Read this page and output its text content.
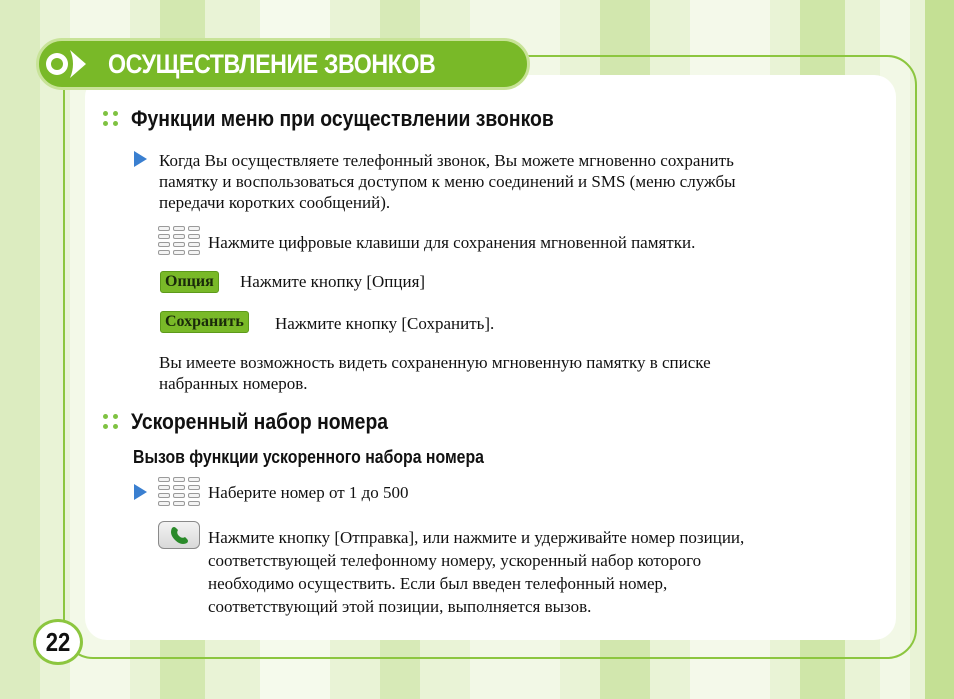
ОСУЩЕСТВЛЕНИЕ ЗВОНКОВ
Функции меню при осуществлении звонков
Когда Вы осуществляете телефонный звонок, Вы можете мгновенно сохранить
памятку и воспользоваться доступом к меню соединений и SMS (меню службы
передачи коротких сообщений).
Нажмите цифровые клавиши для сохранения мгновенной памятки.
Опция Нажмите кнопку [Опция]
Сохранить Нажмите кнопку [Сохранить].
Вы имеете возможность видеть сохраненную мгновенную памятку в списке
набранных номеров.
Ускоренный набор номера
Вызов функции ускоренного набора номера
Наберите номер от 1 до 500
Нажмите кнопку [Отправка], или нажмите и удерживайте номер позиции,
соответствующей телефонному номеру, ускоренный набор которого
необходимо осуществить. Если был введен телефонный номер,
соответствующий этой позиции, выполняется вызов.
22
